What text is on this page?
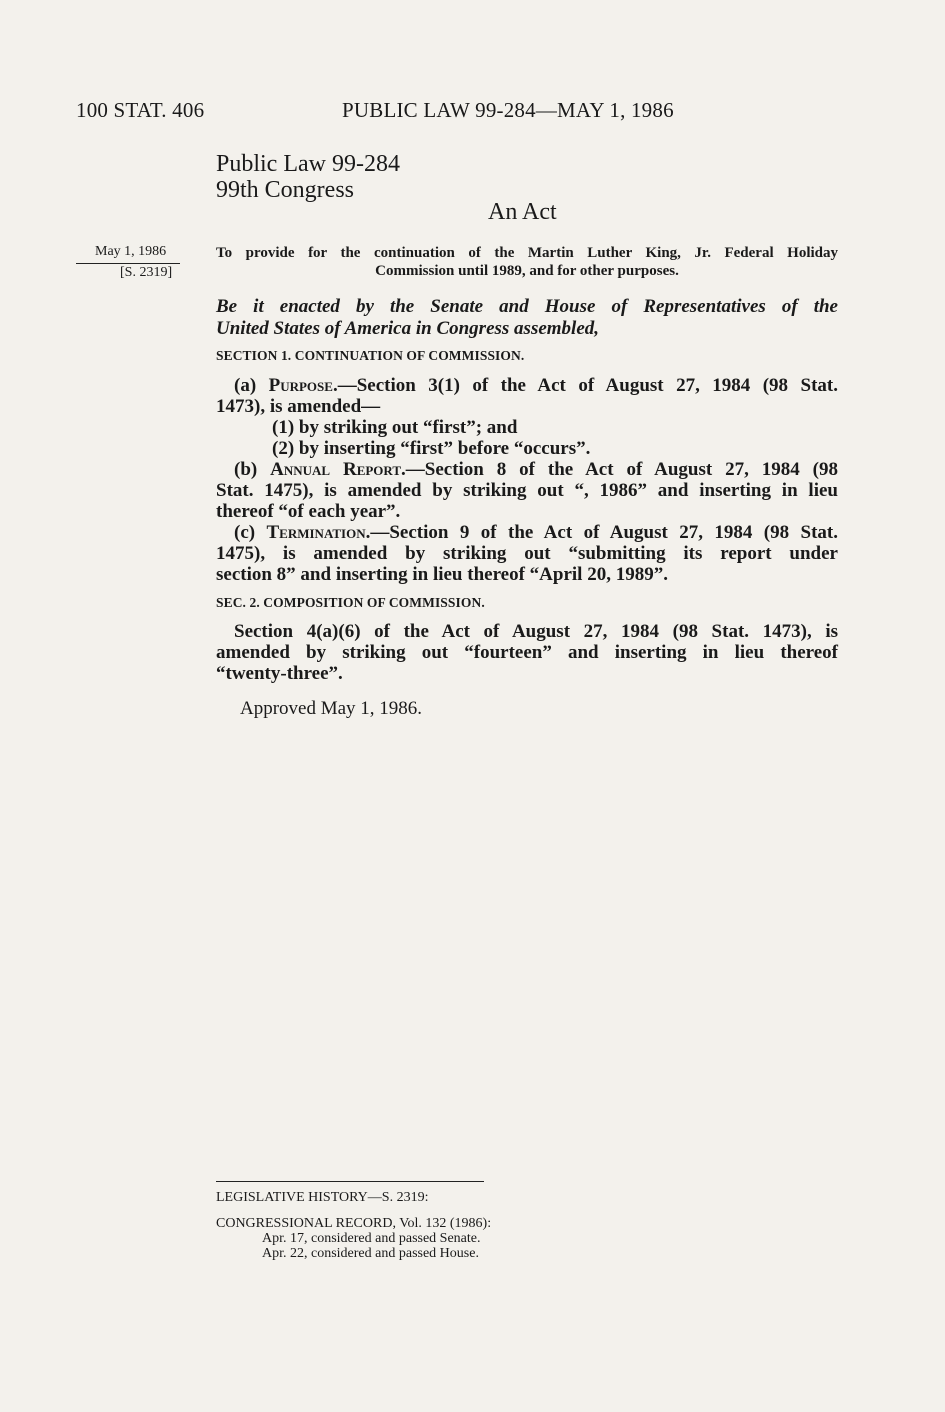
100 STAT. 406	PUBLIC LAW 99-284—MAY 1, 1986
Public Law 99-284
99th Congress
An Act
May 1, 1986
[S. 2319]
To provide for the continuation of the Martin Luther King, Jr. Federal Holiday
Commission until 1989, and for other purposes.
Be it enacted by the Senate and House of Representatives of the
United States of America in Congress assembled,
SECTION 1. CONTINUATION OF COMMISSION.
(a) Purpose.—Section 3(1) of the Act of August 27, 1984 (98 Stat.
1473), is amended—
(1) by striking out “first”; and
(2) by inserting “first” before “occurs”.
(b) Annual Report.—Section 8 of the Act of August 27, 1984 (98
Stat. 1475), is amended by striking out “, 1986” and inserting in lieu
thereof “of each year”.
(c) Termination.—Section 9 of the Act of August 27, 1984 (98 Stat.
1475), is amended by striking out “submitting its report under
section 8” and inserting in lieu thereof “April 20, 1989”.
SEC. 2. COMPOSITION OF COMMISSION.
Section 4(a)(6) of the Act of August 27, 1984 (98 Stat. 1473), is
amended by striking out “fourteen” and inserting in lieu thereof
“twenty-three”.
Approved May 1, 1986.
LEGISLATIVE HISTORY—S. 2319:
CONGRESSIONAL RECORD, Vol. 132 (1986):
Apr. 17, considered and passed Senate.
Apr. 22, considered and passed House.
